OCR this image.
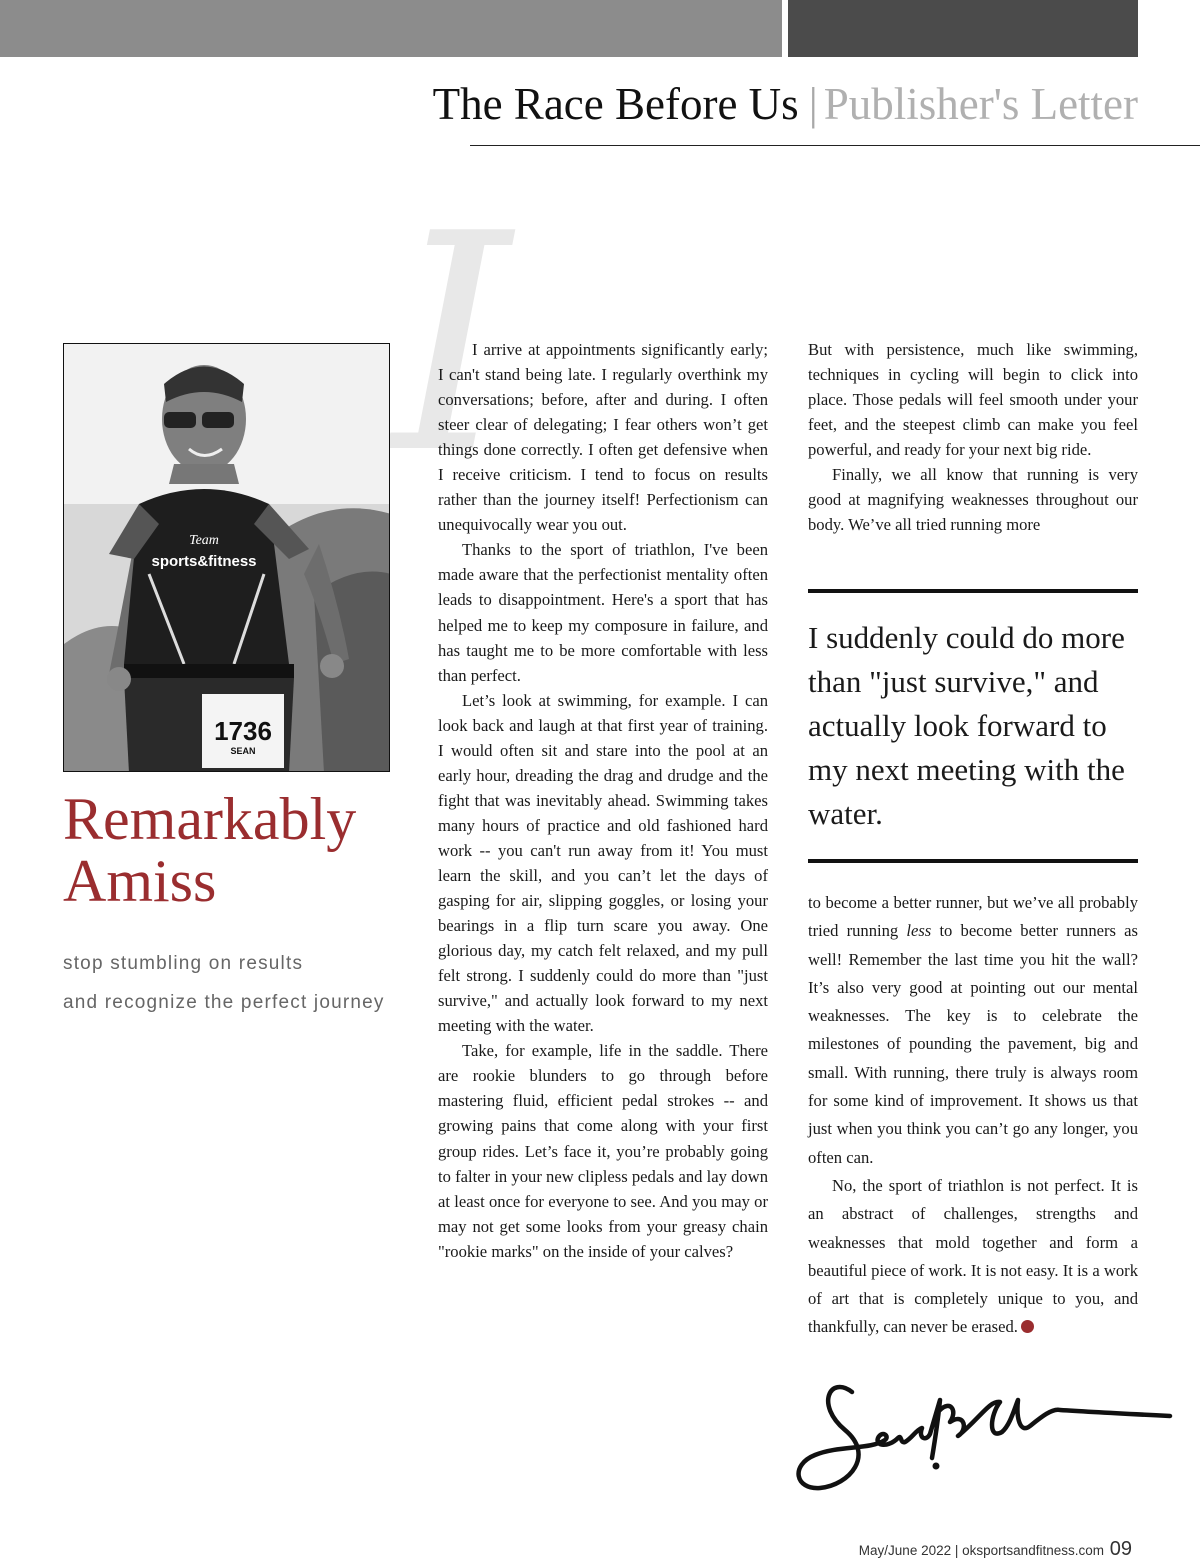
The Race Before Us | Publisher's Letter
I
Team
sports&fitness
1736
SEAN
Remarkably
Amiss
stop stumbling on results
and recognize the perfect journey

I arrive at appointments significantly early; I can't stand being late. I regularly overthink my conversations; before, after and during. I often steer clear of delegating; I fear others won’t get things done correctly. I often get defensive when I receive criticism. I tend to focus on results rather than the journey itself! Perfectionism can unequivocally wear you out.

Thanks to the sport of triathlon, I've been made aware that the perfectionist mentality often leads to disappointment. Here's a sport that has helped me to keep my composure in failure, and has taught me to be more comfortable with less than perfect.

Let’s look at swimming, for example. I can look back and laugh at that first year of training. I would often sit and stare into the pool at an early hour, dreading the drag and drudge and the fight that was inevitably ahead. Swimming takes many hours of practice and old fashioned hard work -- you can't run away from it! You must learn the skill, and you can’t let the days of gasping for air, slipping goggles, or losing your bearings in a flip turn scare you away. One glorious day, my catch felt relaxed, and my pull felt strong. I suddenly could do more than "just survive," and actually look forward to my next meeting with the water.

Take, for example, life in the saddle. There are rookie blunders to go through before mastering fluid, efficient pedal strokes -- and growing pains that come along with your first group rides. Let’s face it, you’re probably going to falter in your new clipless pedals and lay down at least once for everyone to see. And you may or may not get some looks from your greasy chain "rookie marks" on the inside of your calves?

But with persistence, much like swimming, techniques in cycling will begin to click into place. Those pedals will feel smooth under your feet, and the steepest climb can make you feel powerful, and ready for your next big ride.

Finally, we all know that running is very good at magnifying weaknesses throughout our body. We’ve all tried running more

I suddenly could do more than "just survive," and actually look forward to my next meeting with the water.

to become a better runner, but we’ve all probably tried running less to become better runners as well! Remember the last time you hit the wall? It’s also very good at pointing out our mental weaknesses. The key is to celebrate the milestones of pounding the pavement, big and small. With running, there truly is always room for some kind of improvement. It shows us that just when you think you can’t go any longer, you often can.

No, the sport of triathlon is not perfect. It is an abstract of challenges, strengths and weaknesses that mold together and form a beautiful piece of work. It is not easy. It is a work of art that is completely unique to you, and thankfully, can never be erased.

May/June 2022 | oksportsandfitness.com 09
